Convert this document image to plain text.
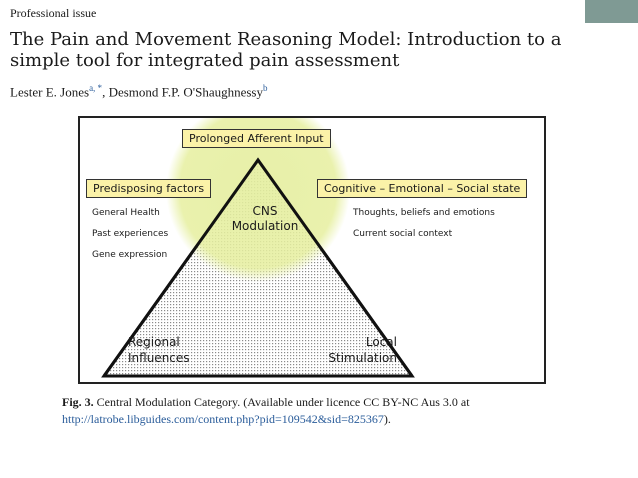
Professional issue
The Pain and Movement Reasoning Model: Introduction to a simple tool for integrated pain assessment
Lester E. Jones$^{a, *}$, Desmond F.P. O'Shaughnessy$^b$
Prolonged Afferent Input
Predisposing factors	Cognitive – Emotional – Social state
General Health
Past experiences
Gene expression
Thoughts, beliefs and emotions
Current social context
CNS
Modulation
Regional
Influences
Local
Stimulation
Fig. 3. Central Modulation Category. (Available under licence CC BY-NC Aus 3.0 at http://latrobe.libguides.com/content.php?pid=109542&sid=825367).
